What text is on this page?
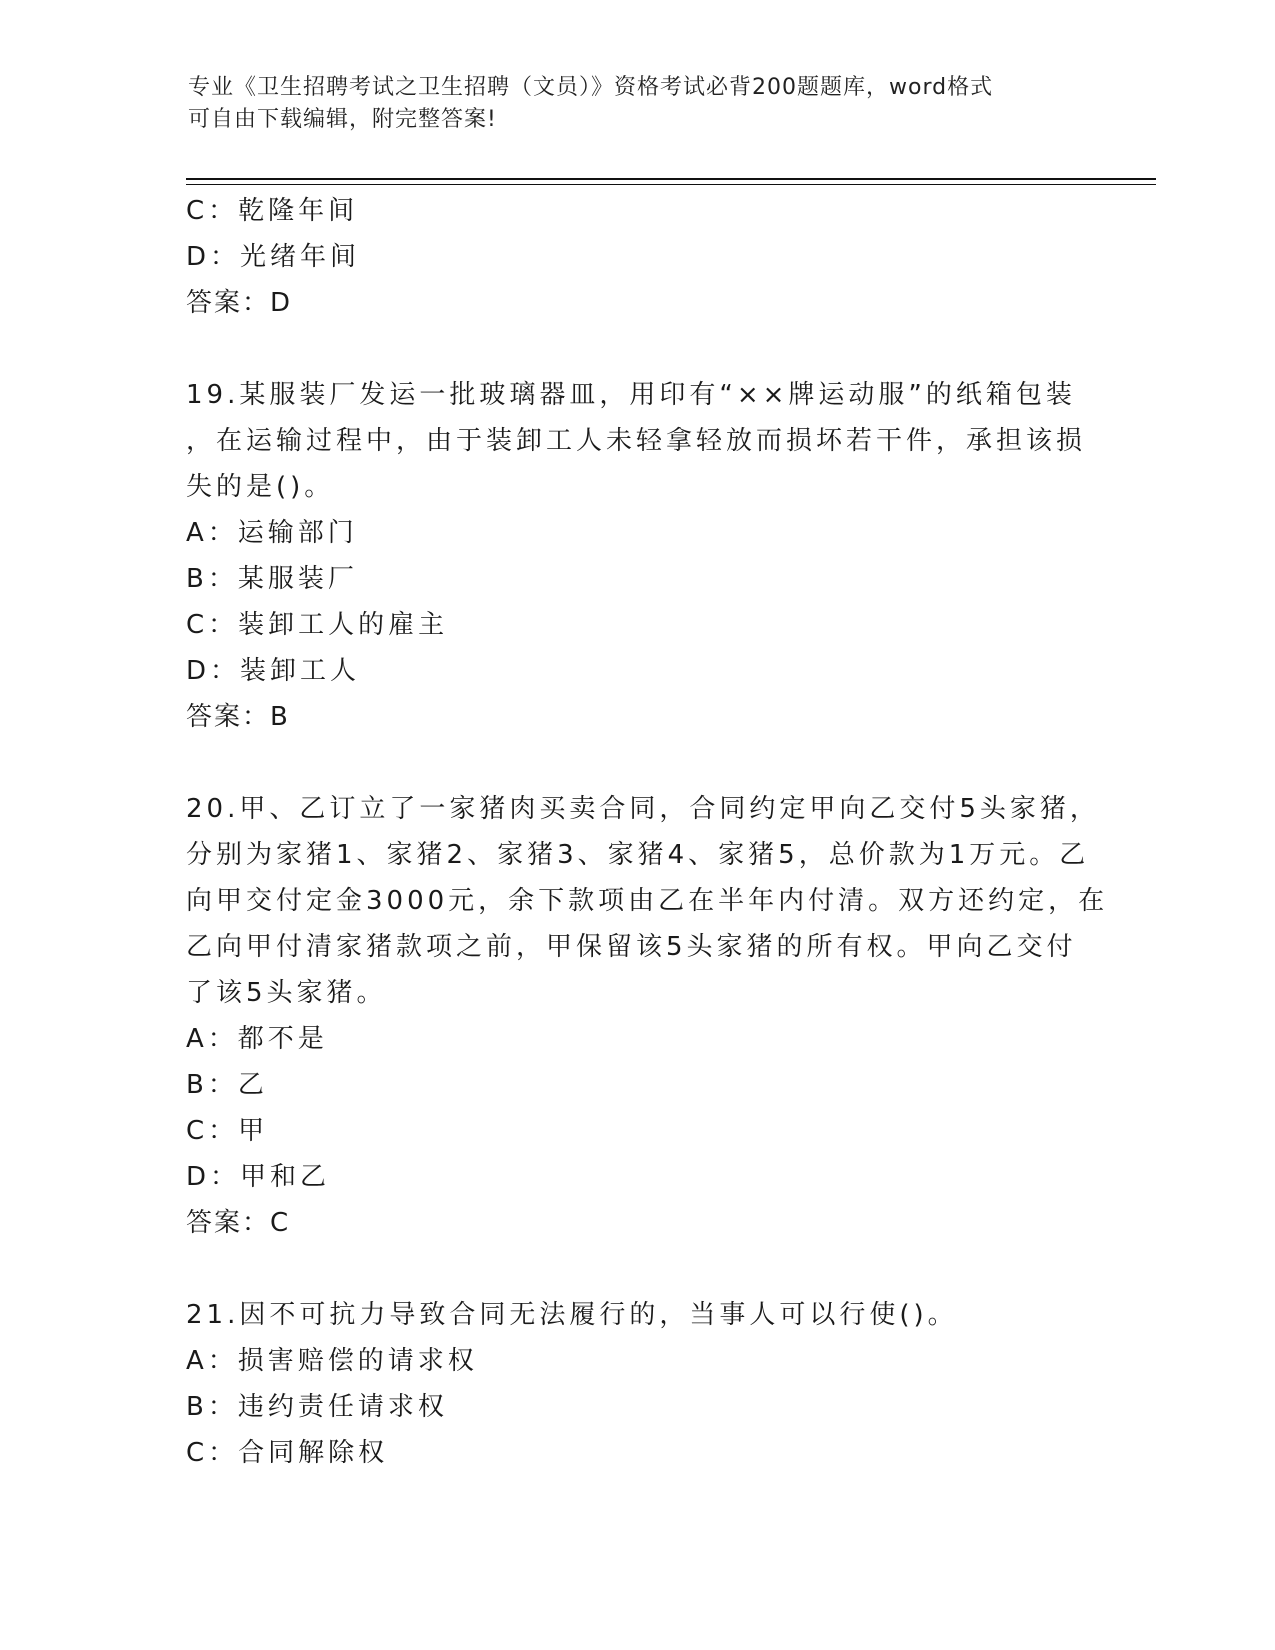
专业《卫生招聘考试之卫生招聘（文员）》资格考试必背200题题库，word格式
可自由下载编辑，附完整答案!
C：乾隆年间
D：光绪年间
答案：D
19.某服装厂发运一批玻璃器皿，用印有“××牌运动服”的纸箱包装
，在运输过程中，由于装卸工人未轻拿轻放而损坏若干件，承担该损
失的是()。
A：运输部门
B：某服装厂
C：装卸工人的雇主
D：装卸工人
答案：B
20.甲、乙订立了一家猪肉买卖合同，合同约定甲向乙交付5头家猪，
分别为家猪1、家猪2、家猪3、家猪4、家猪5，总价款为1万元。乙
向甲交付定金3000元，余下款项由乙在半年内付清。双方还约定，在
乙向甲付清家猪款项之前，甲保留该5头家猪的所有权。甲向乙交付
了该5头家猪。
A：都不是
B：乙
C：甲
D：甲和乙
答案：C
21.因不可抗力导致合同无法履行的，当事人可以行使()。
A：损害赔偿的请求权
B：违约责任请求权
C：合同解除权
